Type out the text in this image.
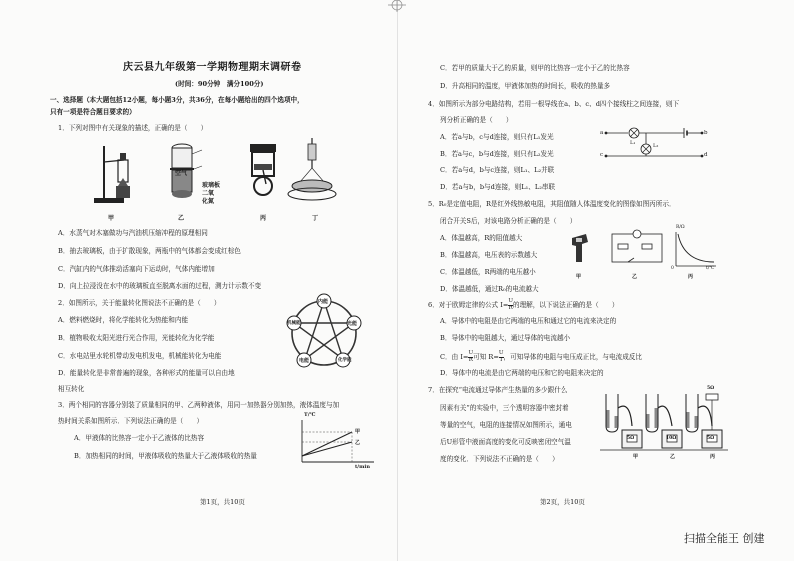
庆云县九年级第一学期物理期末调研卷
(时间：90分钟　满分100分)
一、选择题（本大题包括12小题，每小题3分，共36分，在每小题给出的四个选项中，
只有一项是符合题目要求的）
1．下列对图中有关现象的描述，正确的是（　　）
空气
玻璃板
二氧
化氮
甲	乙	丙	丁
A．水蒸气对木塞做功与汽油机压缩冲程的原理相同
B．抽去玻璃板，由于扩散现象，两瓶中的气体都会变成红棕色
C．汽缸内的气体推动活塞向下运动时，气体内能增加
D．向上拉浸没在水中的玻璃板直至脱离水面的过程，测力计示数不变
2．如图所示，关于能量转化图说法不正确的是（　　）
A．燃料燃烧时，将化学能转化为热能和内能
B．植物吸收太阳光进行光合作用，光能转化为化学能
C．水电站里水轮机带动发电机发电，机械能转化为电能
D．能量转化是非常普遍的现象，各种形式的能量可以自由地
相互转化
内能
光能
化学能
电能
机械能
3．两个相同的容器分别装了质量相同的甲、乙两种液体，用同一加热器分别加热，液体温度与加
热时间关系如图所示．下列说法正确的是（　　）
A．甲液体的比热容一定小于乙液体的比热容
B．加热相同的时间，甲液体吸收的热量大于乙液体吸收的热量
T/℃
t/min
甲
乙
第1页，共10页
C．若甲的质量大于乙的质量，则甲的比热容一定小于乙的比热容
D．升高相同的温度，甲液体加热的时间长，吸收的热量多
4．如图所示为部分电路结构，若用一根导线在a、b、c、d四个接线柱之间连接，则下
列分析正确的是（　　）
A．若a与b，c与d连接，则只有L₁发光
B．若a与c，b与d连接，则只有L₂发光
C．若a与d，b与c连接，则L₁、L₂并联
D．若a与b，b与d连接，则L₁、L₂串联
a	b
c	d
L₁	L₂
5．R₀是定值电阻，R是红外线热敏电阻，其阻值随人体温度变化的图像如图丙所示．
闭合开关S后，对该电路分析正确的是（　　）
A．体温越高，R的阻值越大
B．体温越高，电压表的示数越大
C．体温越低，R两端的电压越小
D．体温越低，通过R₀的电流越大
甲	乙	丙
R/Ω
t/℃
0
6．对于欧姆定律的公式 $I= \frac{U}{R}$ 的理解，以下说法正确的是（　　）
A．导体中的电阻是由它两端的电压和通过它的电流来决定的
B．导体中的电阻越大，通过导体的电流越小
C．由 $I= \frac{U}{R}$ 可知 $R= \frac{U}{I}$ ，可知导体的电阻与电压成正比，与电流成反比
D．导体中的电流是由它两端的电压和它的电阻来决定的
7．在探究“电流通过导体产生热量的多少跟什么
因素有关”的实验中，三个透明容器中密封着
等量的空气，电阻的连接情况如图所示，通电
后U形管中液面高度的变化可反映密闭空气温
度的变化．下列说法不正确的是（　　）
5Ω	10Ω	5Ω
5Ω
甲	乙	丙
第2页，共10页
扫描全能王 创建
